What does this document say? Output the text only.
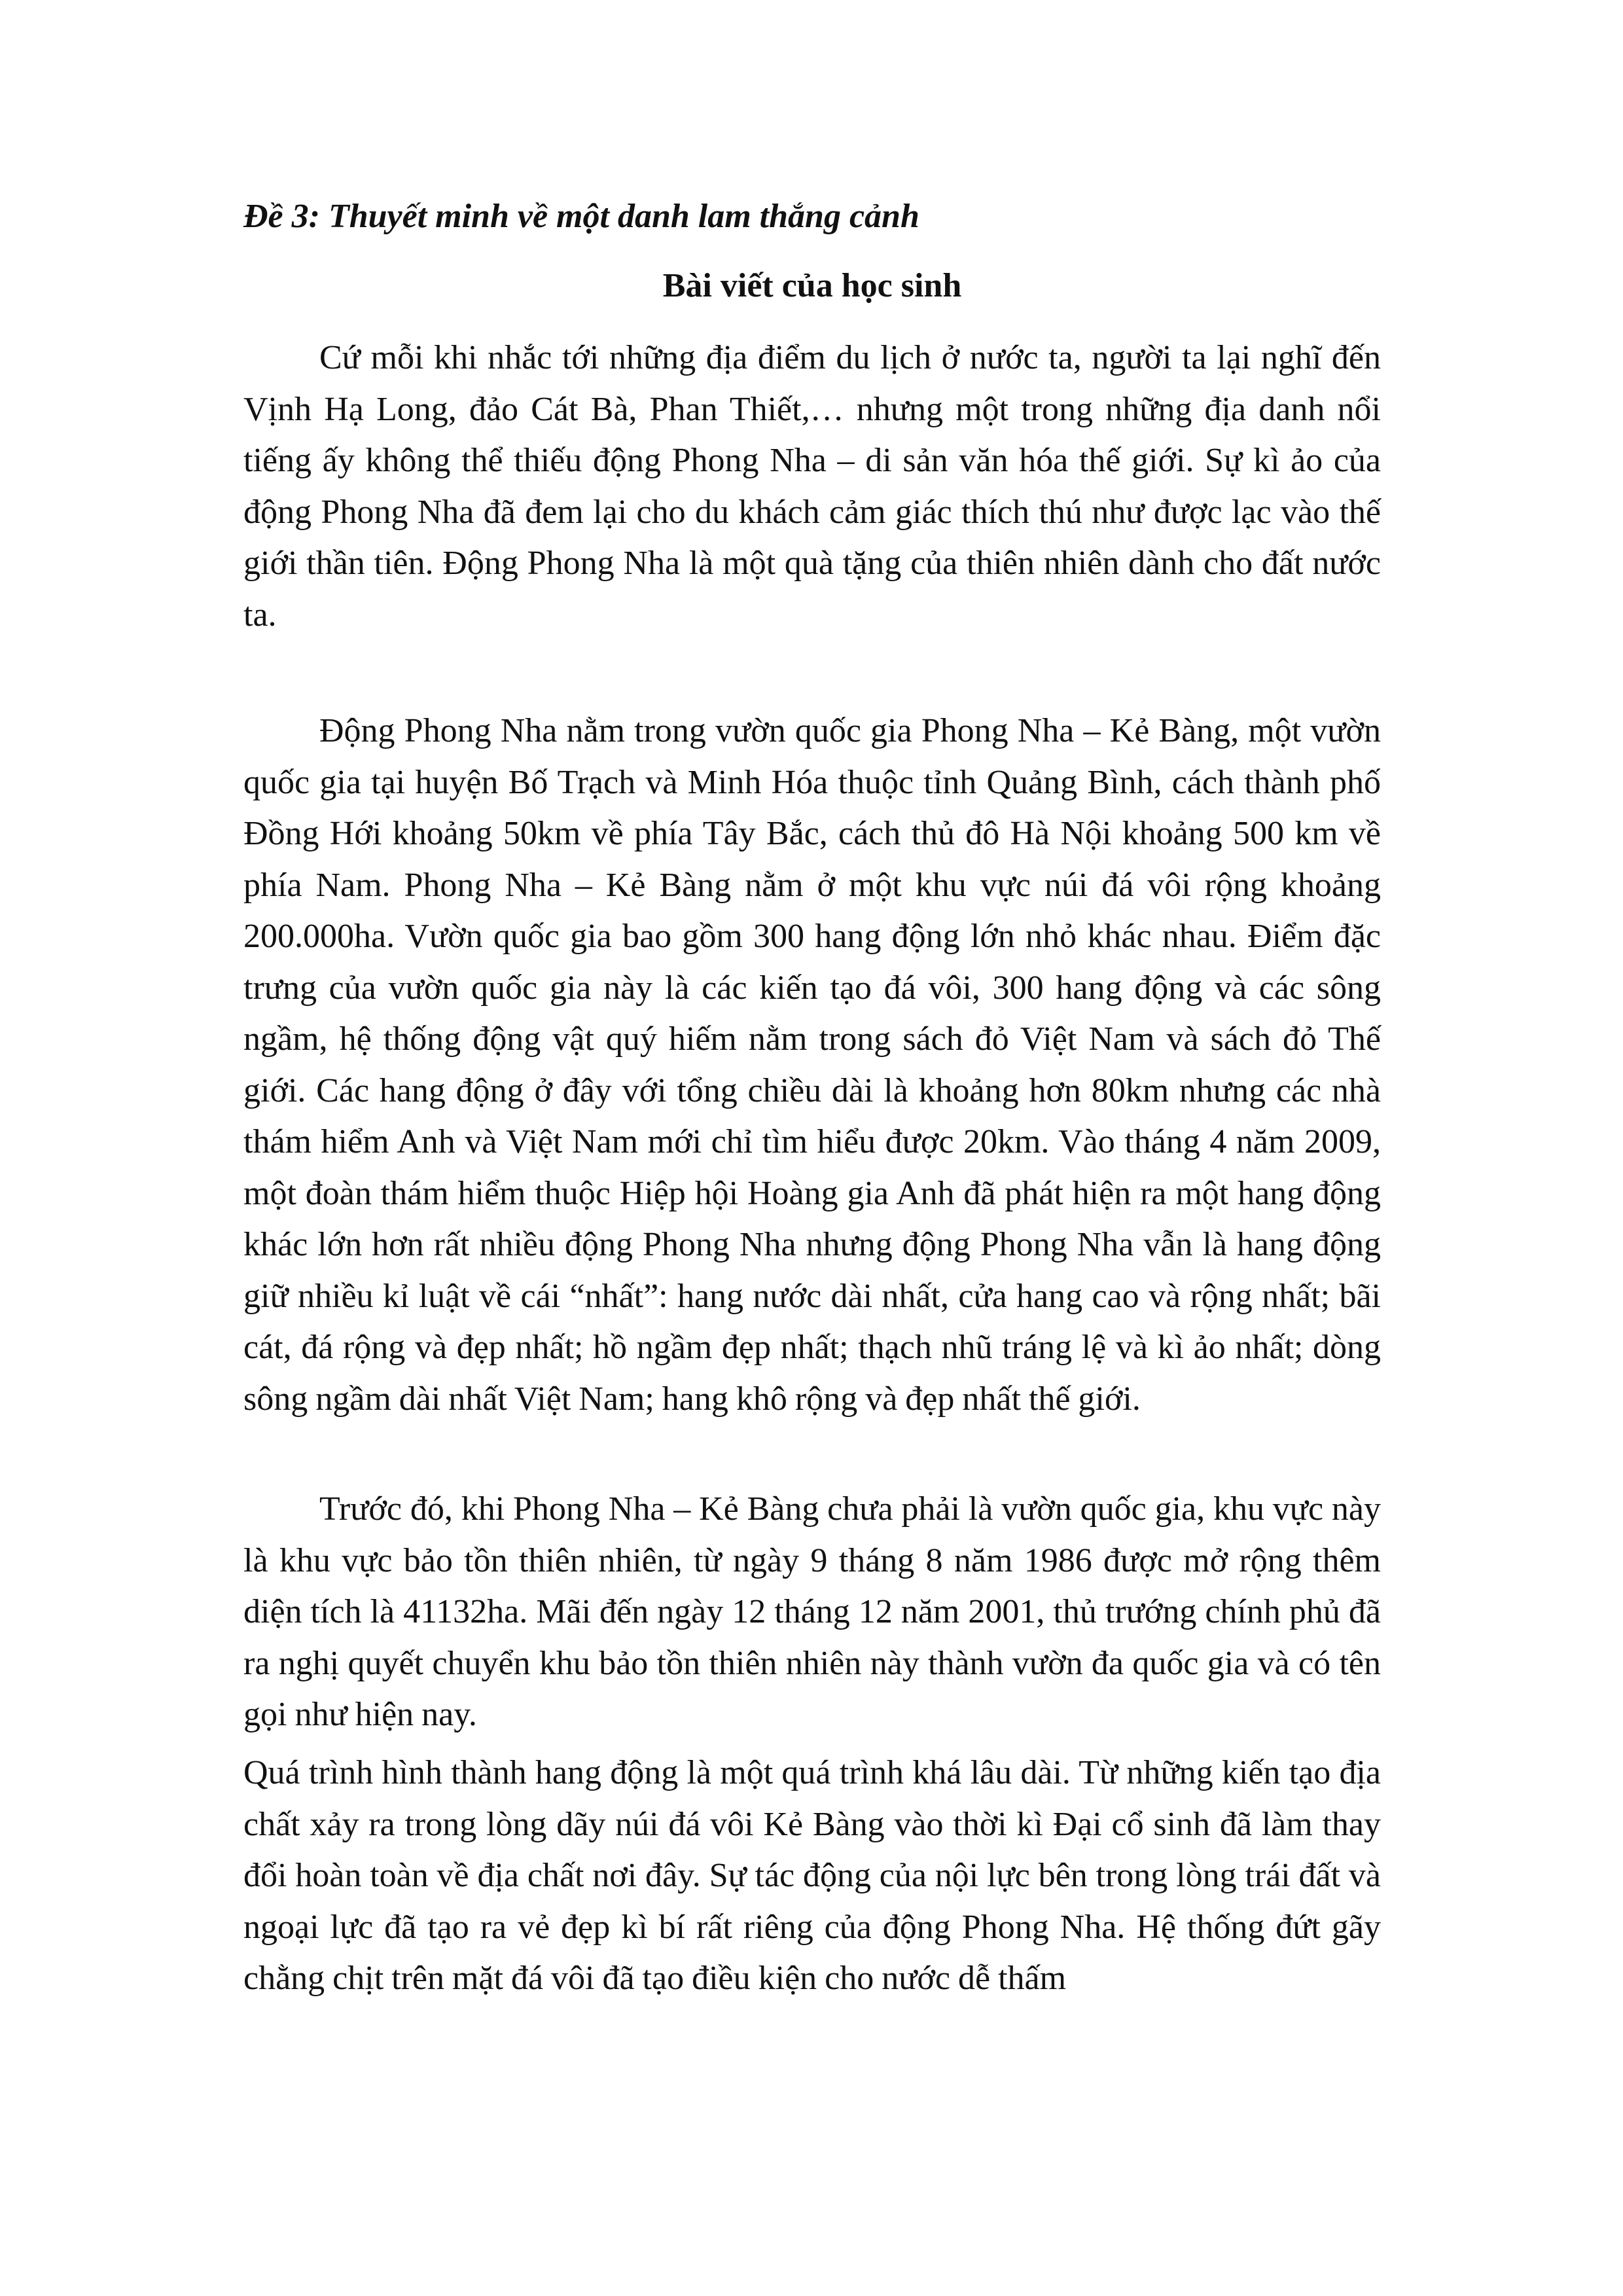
Đề 3: Thuyết minh về một danh lam thắng cảnh
Bài viết của học sinh

Cứ mỗi khi nhắc tới những địa điểm du lịch ở nước ta, người ta lại nghĩ đến Vịnh Hạ Long, đảo Cát Bà, Phan Thiết,… nhưng một trong những địa danh nổi tiếng ấy không thể thiếu động Phong Nha – di sản văn hóa thế giới. Sự kì ảo của động Phong Nha đã đem lại cho du khách cảm giác thích thú như được lạc vào thế giới thần tiên. Động Phong Nha là một quà tặng của thiên nhiên dành cho đất nước ta.

Động Phong Nha nằm trong vườn quốc gia Phong Nha – Kẻ Bàng, một vườn quốc gia tại huyện Bố Trạch và Minh Hóa thuộc tỉnh Quảng Bình, cách thành phố Đồng Hới khoảng 50km về phía Tây Bắc, cách thủ đô Hà Nội khoảng 500 km về phía Nam. Phong Nha – Kẻ Bàng nằm ở một khu vực núi đá vôi rộng khoảng 200.000ha. Vườn quốc gia bao gồm 300 hang động lớn nhỏ khác nhau. Điểm đặc trưng của vườn quốc gia này là các kiến tạo đá vôi, 300 hang động và các sông ngầm, hệ thống động vật quý hiếm nằm trong sách đỏ Việt Nam và sách đỏ Thế giới. Các hang động ở đây với tổng chiều dài là khoảng hơn 80km nhưng các nhà thám hiểm Anh và Việt Nam mới chỉ tìm hiểu được 20km. Vào tháng 4 năm 2009, một đoàn thám hiểm thuộc Hiệp hội Hoàng gia Anh đã phát hiện ra một hang động khác lớn hơn rất nhiều động Phong Nha nhưng động Phong Nha vẫn là hang động giữ nhiều kỉ luật về cái “nhất”: hang nước dài nhất, cửa hang cao và rộng nhất; bãi cát, đá rộng và đẹp nhất; hồ ngầm đẹp nhất; thạch nhũ tráng lệ và kì ảo nhất; dòng sông ngầm dài nhất Việt Nam; hang khô rộng và đẹp nhất thế giới.

Trước đó, khi Phong Nha – Kẻ Bàng chưa phải là vườn quốc gia, khu vực này là khu vực bảo tồn thiên nhiên, từ ngày 9 tháng 8 năm 1986 được mở rộng thêm diện tích là 41132ha. Mãi đến ngày 12 tháng 12 năm 2001, thủ trướng chính phủ đã ra nghị quyết chuyển khu bảo tồn thiên nhiên này thành vườn đa quốc gia và có tên gọi như hiện nay.

Quá trình hình thành hang động là một quá trình khá lâu dài. Từ những kiến tạo địa chất xảy ra trong lòng dãy núi đá vôi Kẻ Bàng vào thời kì Đại cổ sinh đã làm thay đổi hoàn toàn về địa chất nơi đây. Sự tác động của nội lực bên trong lòng trái đất và ngoại lực đã tạo ra vẻ đẹp kì bí rất riêng của động Phong Nha. Hệ thống đứt gãy chằng chịt trên mặt đá vôi đã tạo điều kiện cho nước dễ thấm
